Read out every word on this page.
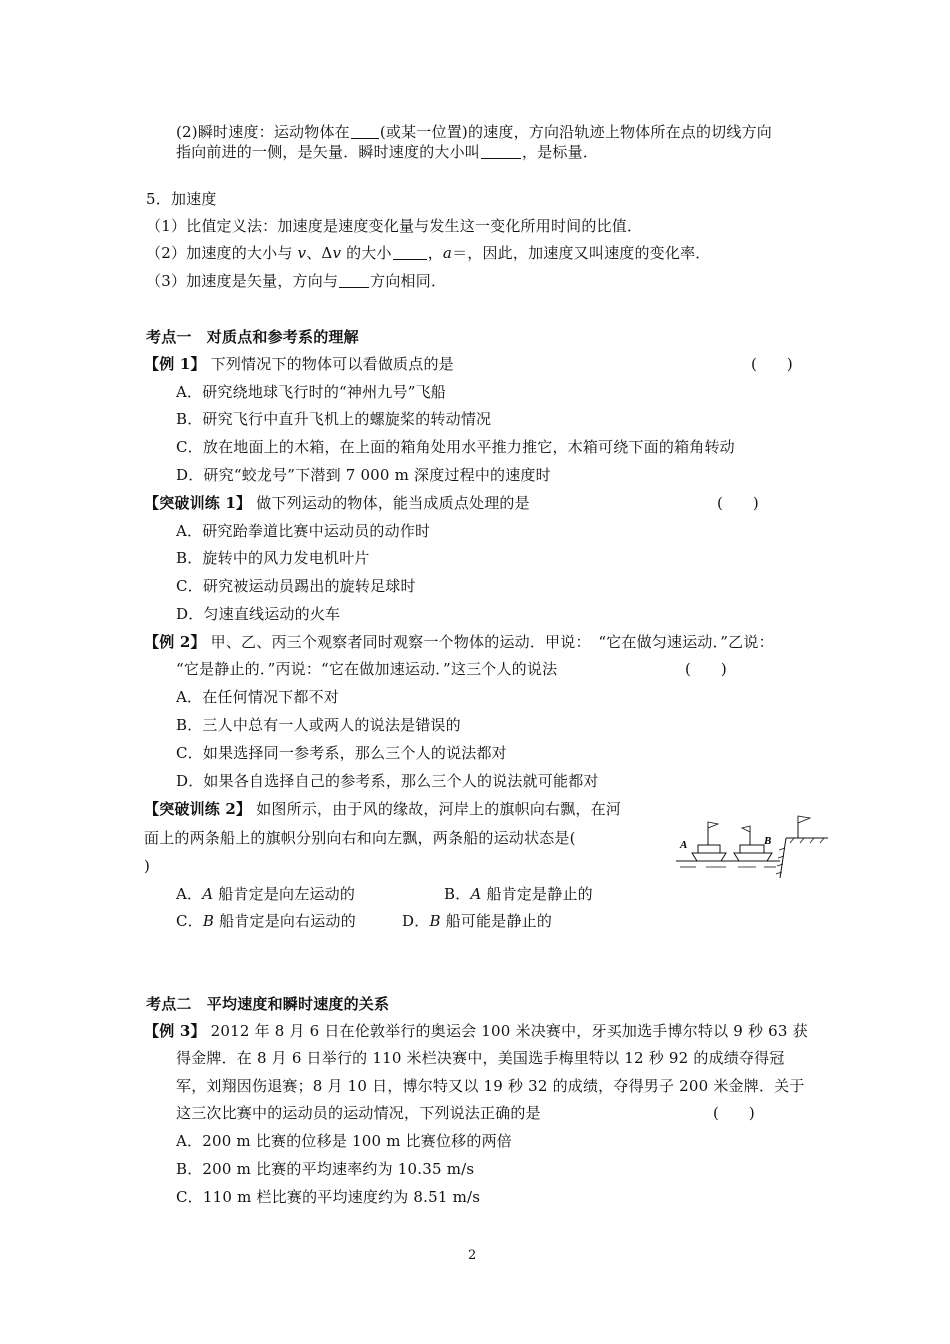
(2)瞬时速度：运动物体在 (或某一位置)的速度，方向沿轨迹上物体所在点的切线方向
指向前进的一侧，是矢量．瞬时速度的大小叫	，是标量．
5．加速度
（1）比值定义法：加速度是速度变化量与发生这一变化所用时间的比值．
（2）加速度的大小与 v、Δv 的大小 ，a＝，因此，加速度又叫速度的变化率．
（3）加速度是矢量，方向与 方向相同．
考点一　对质点和参考系的理解
【例 1】 下列情况下的物体可以看做质点的是	(　　)
A．研究绕地球飞行时的“神州九号”飞船
B．研究飞行中直升飞机上的螺旋桨的转动情况
C．放在地面上的木箱，在上面的箱角处用水平推力推它，木箱可绕下面的箱角转动
D．研究“蛟龙号”下潜到 7 000 m 深度过程中的速度时
【突破训练 1】 做下列运动的物体，能当成质点处理的是	(　　)
A．研究跆拳道比赛中运动员的动作时
B．旋转中的风力发电机叶片
C．研究被运动员踢出的旋转足球时
D．匀速直线运动的火车
【例 2】 甲、乙、丙三个观察者同时观察一个物体的运动．甲说：　“它在做匀速运动．”乙说：
“它是静止的．”丙说：“它在做加速运动．”这三个人的说法	(　　)
A．在任何情况下都不对
B．三人中总有一人或两人的说法是错误的
C．如果选择同一参考系，那么三个人的说法都对
D．如果各自选择自己的参考系，那么三个人的说法就可能都对
【突破训练 2】 如图所示，由于风的缘故，河岸上的旗帜向右飘，在河
面上的两条船上的旗帜分别向右和向左飘，两条船的运动状态是(
)
A	B
A．A 船肯定是向左运动的	B．A 船肯定是静止的
C．B 船肯定是向右运动的	D．B 船可能是静止的
考点二　平均速度和瞬时速度的关系
【例 3】 2012 年 8 月 6 日在伦敦举行的奥运会 100 米决赛中，牙买加选手博尔特以 9 秒 63 获
得金牌．在 8 月 6 日举行的 110 米栏决赛中，美国选手梅里特以 12 秒 92 的成绩夺得冠
军，刘翔因伤退赛；8 月 10 日，博尔特又以 19 秒 32 的成绩，夺得男子 200 米金牌．关于
这三次比赛中的运动员的运动情况，下列说法正确的是	(　　)
A．200 m 比赛的位移是 100 m 比赛位移的两倍
B．200 m 比赛的平均速率约为 10.35 m/s
C．110 m 栏比赛的平均速度约为 8.51 m/s
2
